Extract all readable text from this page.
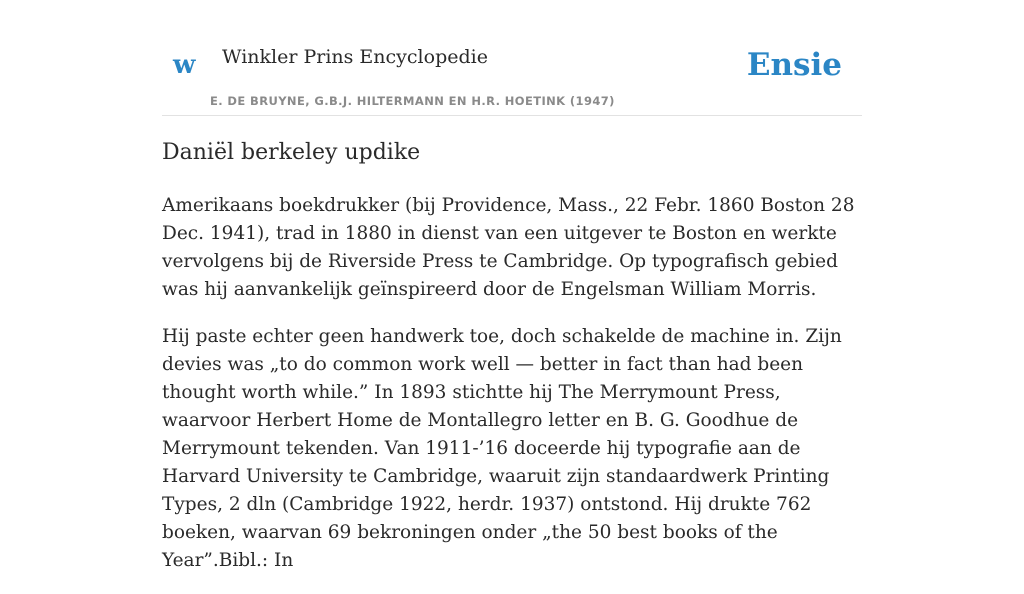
w Winkler Prins Encyclopedie
E. DE BRUYNE, G.B.J. HILTERMANN EN H.R. HOETINK (1947)
Ensie
Daniël berkeley updike

Amerikaans boekdrukker (bij Providence, Mass., 22 Febr. 1860 Boston 28 Dec. 1941), trad in 1880 in dienst van een uitgever te Boston en werkte vervolgens bij de Riverside Press te Cambridge. Op typografisch gebied was hij aanvankelijk geïnspireerd door de Engelsman William Morris.

Hij paste echter geen handwerk toe, doch schakelde de machine in. Zijn devies was „to do common work well — better in fact than had been thought worth while.” In 1893 stichtte hij The Merrymount Press, waarvoor Herbert Home de Montallegro letter en B. G. Goodhue de Merrymount tekenden. Van 1911-’16 doceerde hij typografie aan de Harvard University te Cambridge, waaruit zijn standaardwerk Printing Types, 2 dln (Cambridge 1922, herdr. 1937) ontstond. Hij drukte 762 boeken, waarvan 69 bekroningen onder „the 50 best books of the Year”.Bibl.: In
